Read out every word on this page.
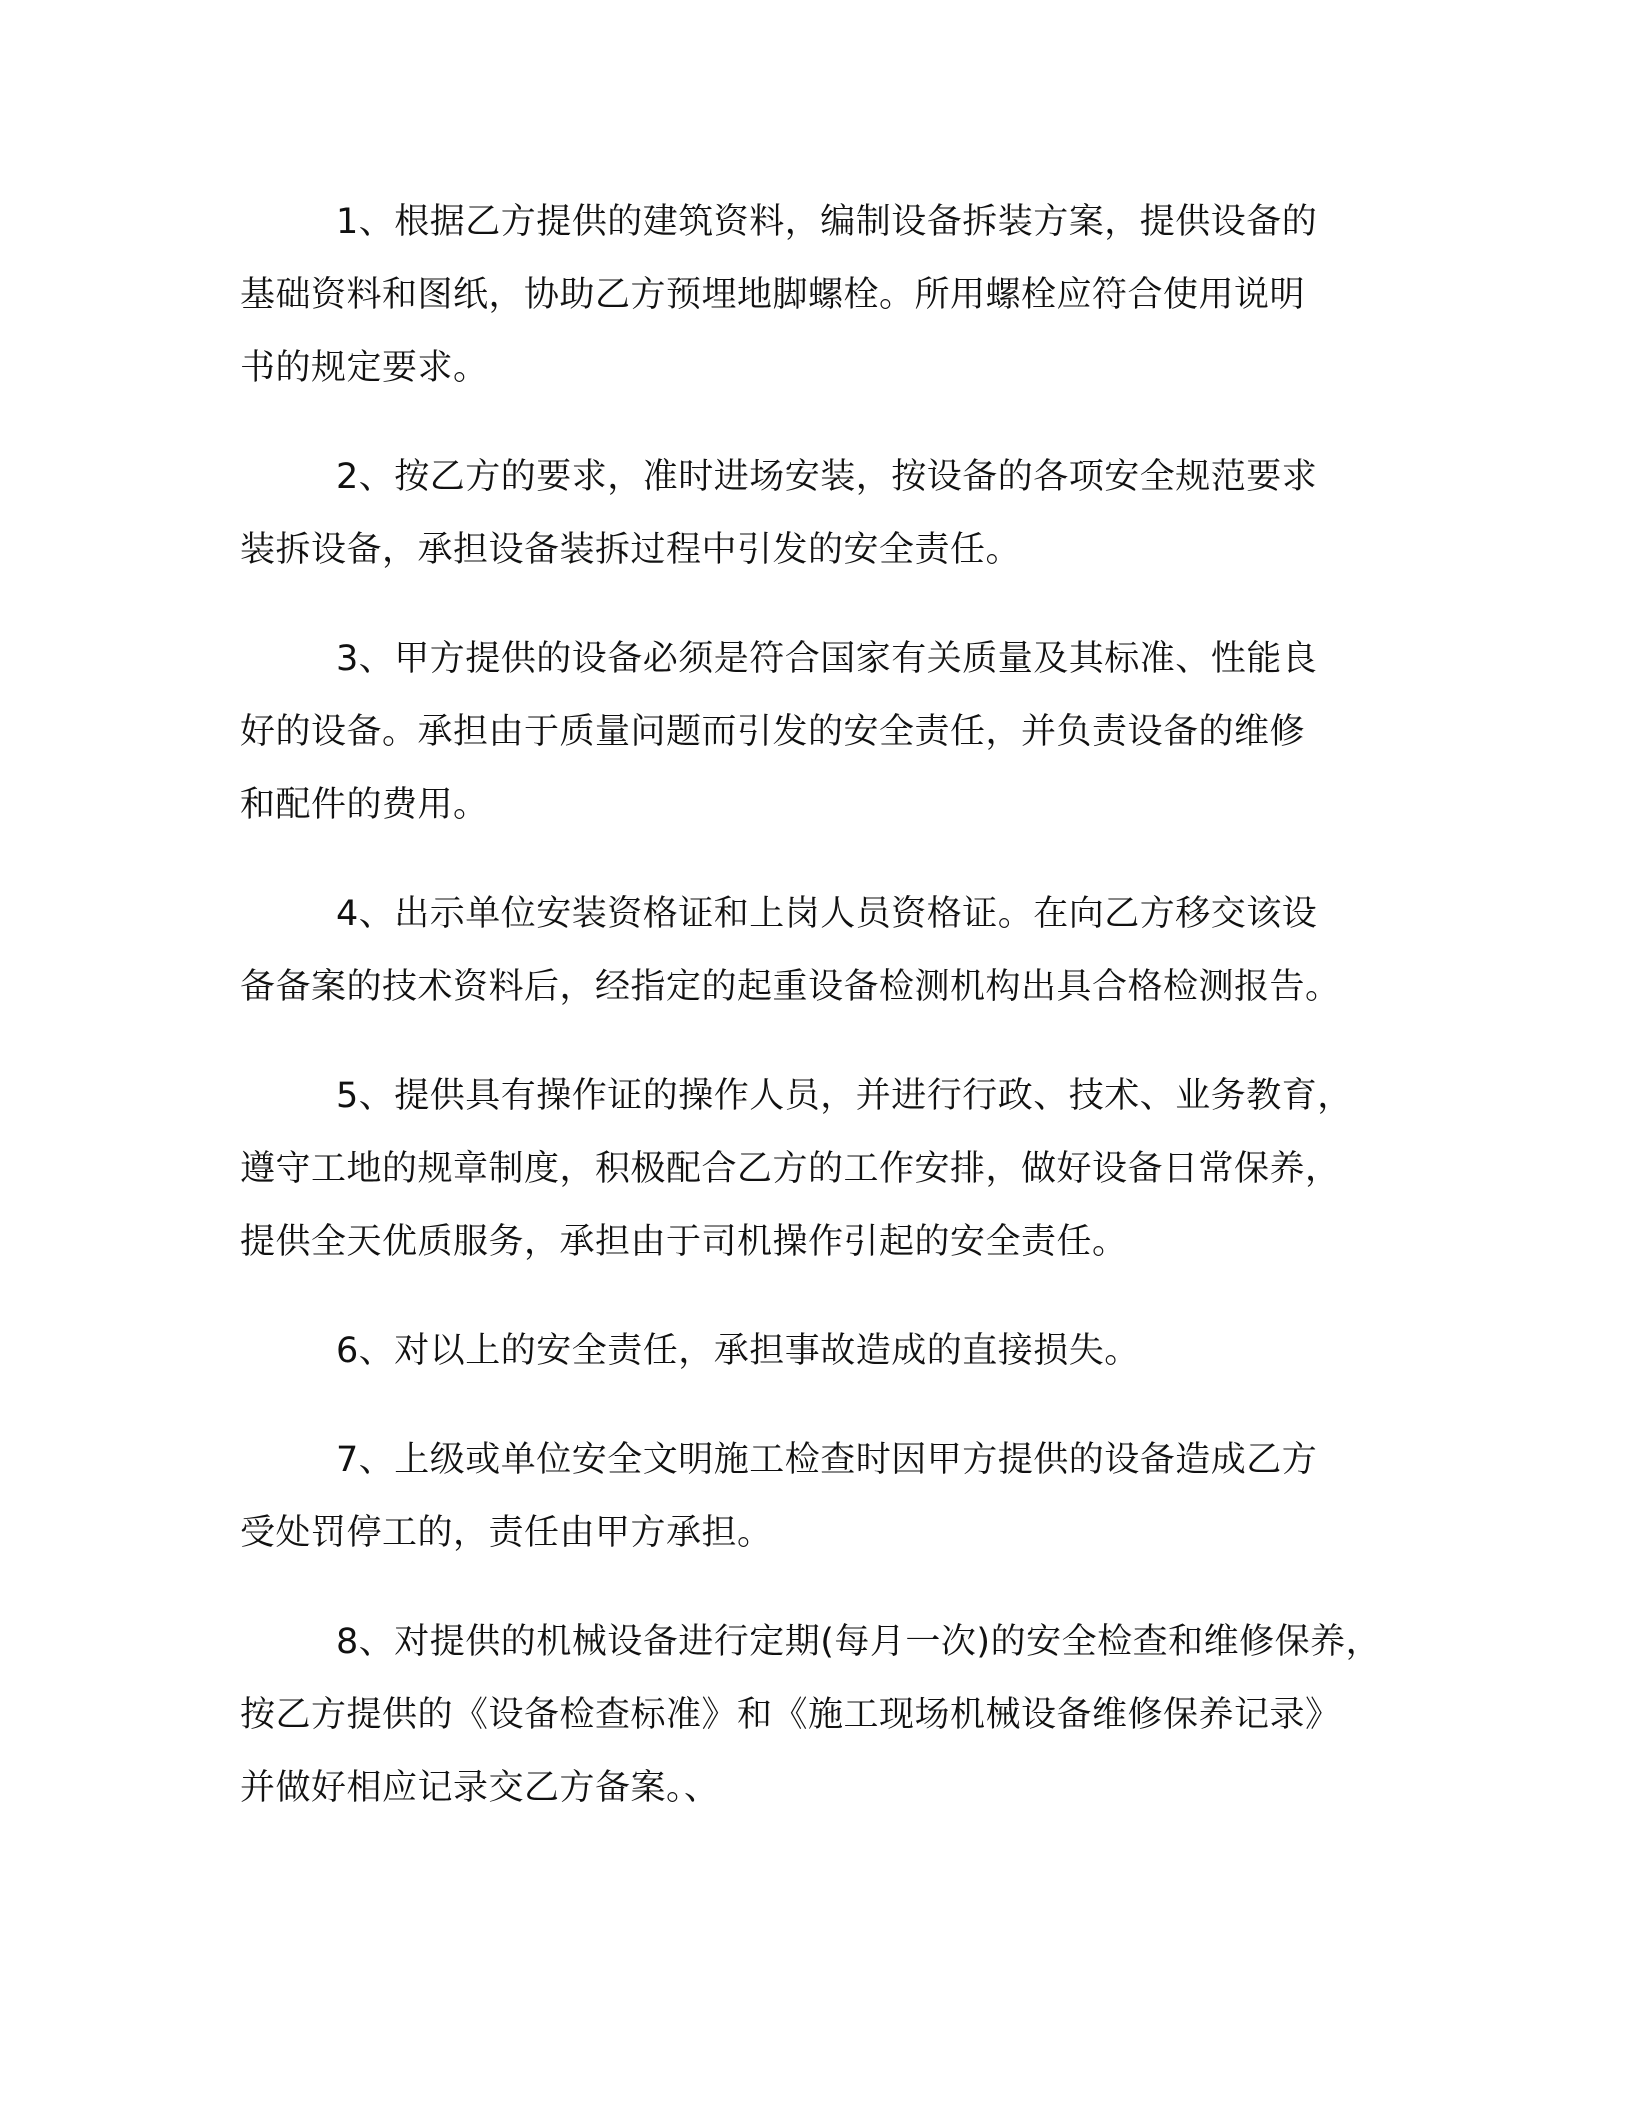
1、根据乙方提供的建筑资料，编制设备拆装方案，提供设备的
基础资料和图纸，协助乙方预埋地脚螺栓。所用螺栓应符合使用说明
书的规定要求。

2、按乙方的要求，准时进场安装，按设备的各项安全规范要求
装拆设备，承担设备装拆过程中引发的安全责任。

3、甲方提供的设备必须是符合国家有关质量及其标准、性能良
好的设备。承担由于质量问题而引发的安全责任，并负责设备的维修
和配件的费用。

4、出示单位安装资格证和上岗人员资格证。在向乙方移交该设
备备案的技术资料后，经指定的起重设备检测机构出具合格检测报告。

5、提供具有操作证的操作人员，并进行行政、技术、业务教育，
遵守工地的规章制度，积极配合乙方的工作安排，做好设备日常保养，
提供全天优质服务，承担由于司机操作引起的安全责任。

6、对以上的安全责任，承担事故造成的直接损失。

7、上级或单位安全文明施工检查时因甲方提供的设备造成乙方
受处罚停工的，责任由甲方承担。

8、对提供的机械设备进行定期(每月一次)的安全检查和维修保养，
按乙方提供的《设备检查标准》和《施工现场机械设备维修保养记录》
并做好相应记录交乙方备案。、
